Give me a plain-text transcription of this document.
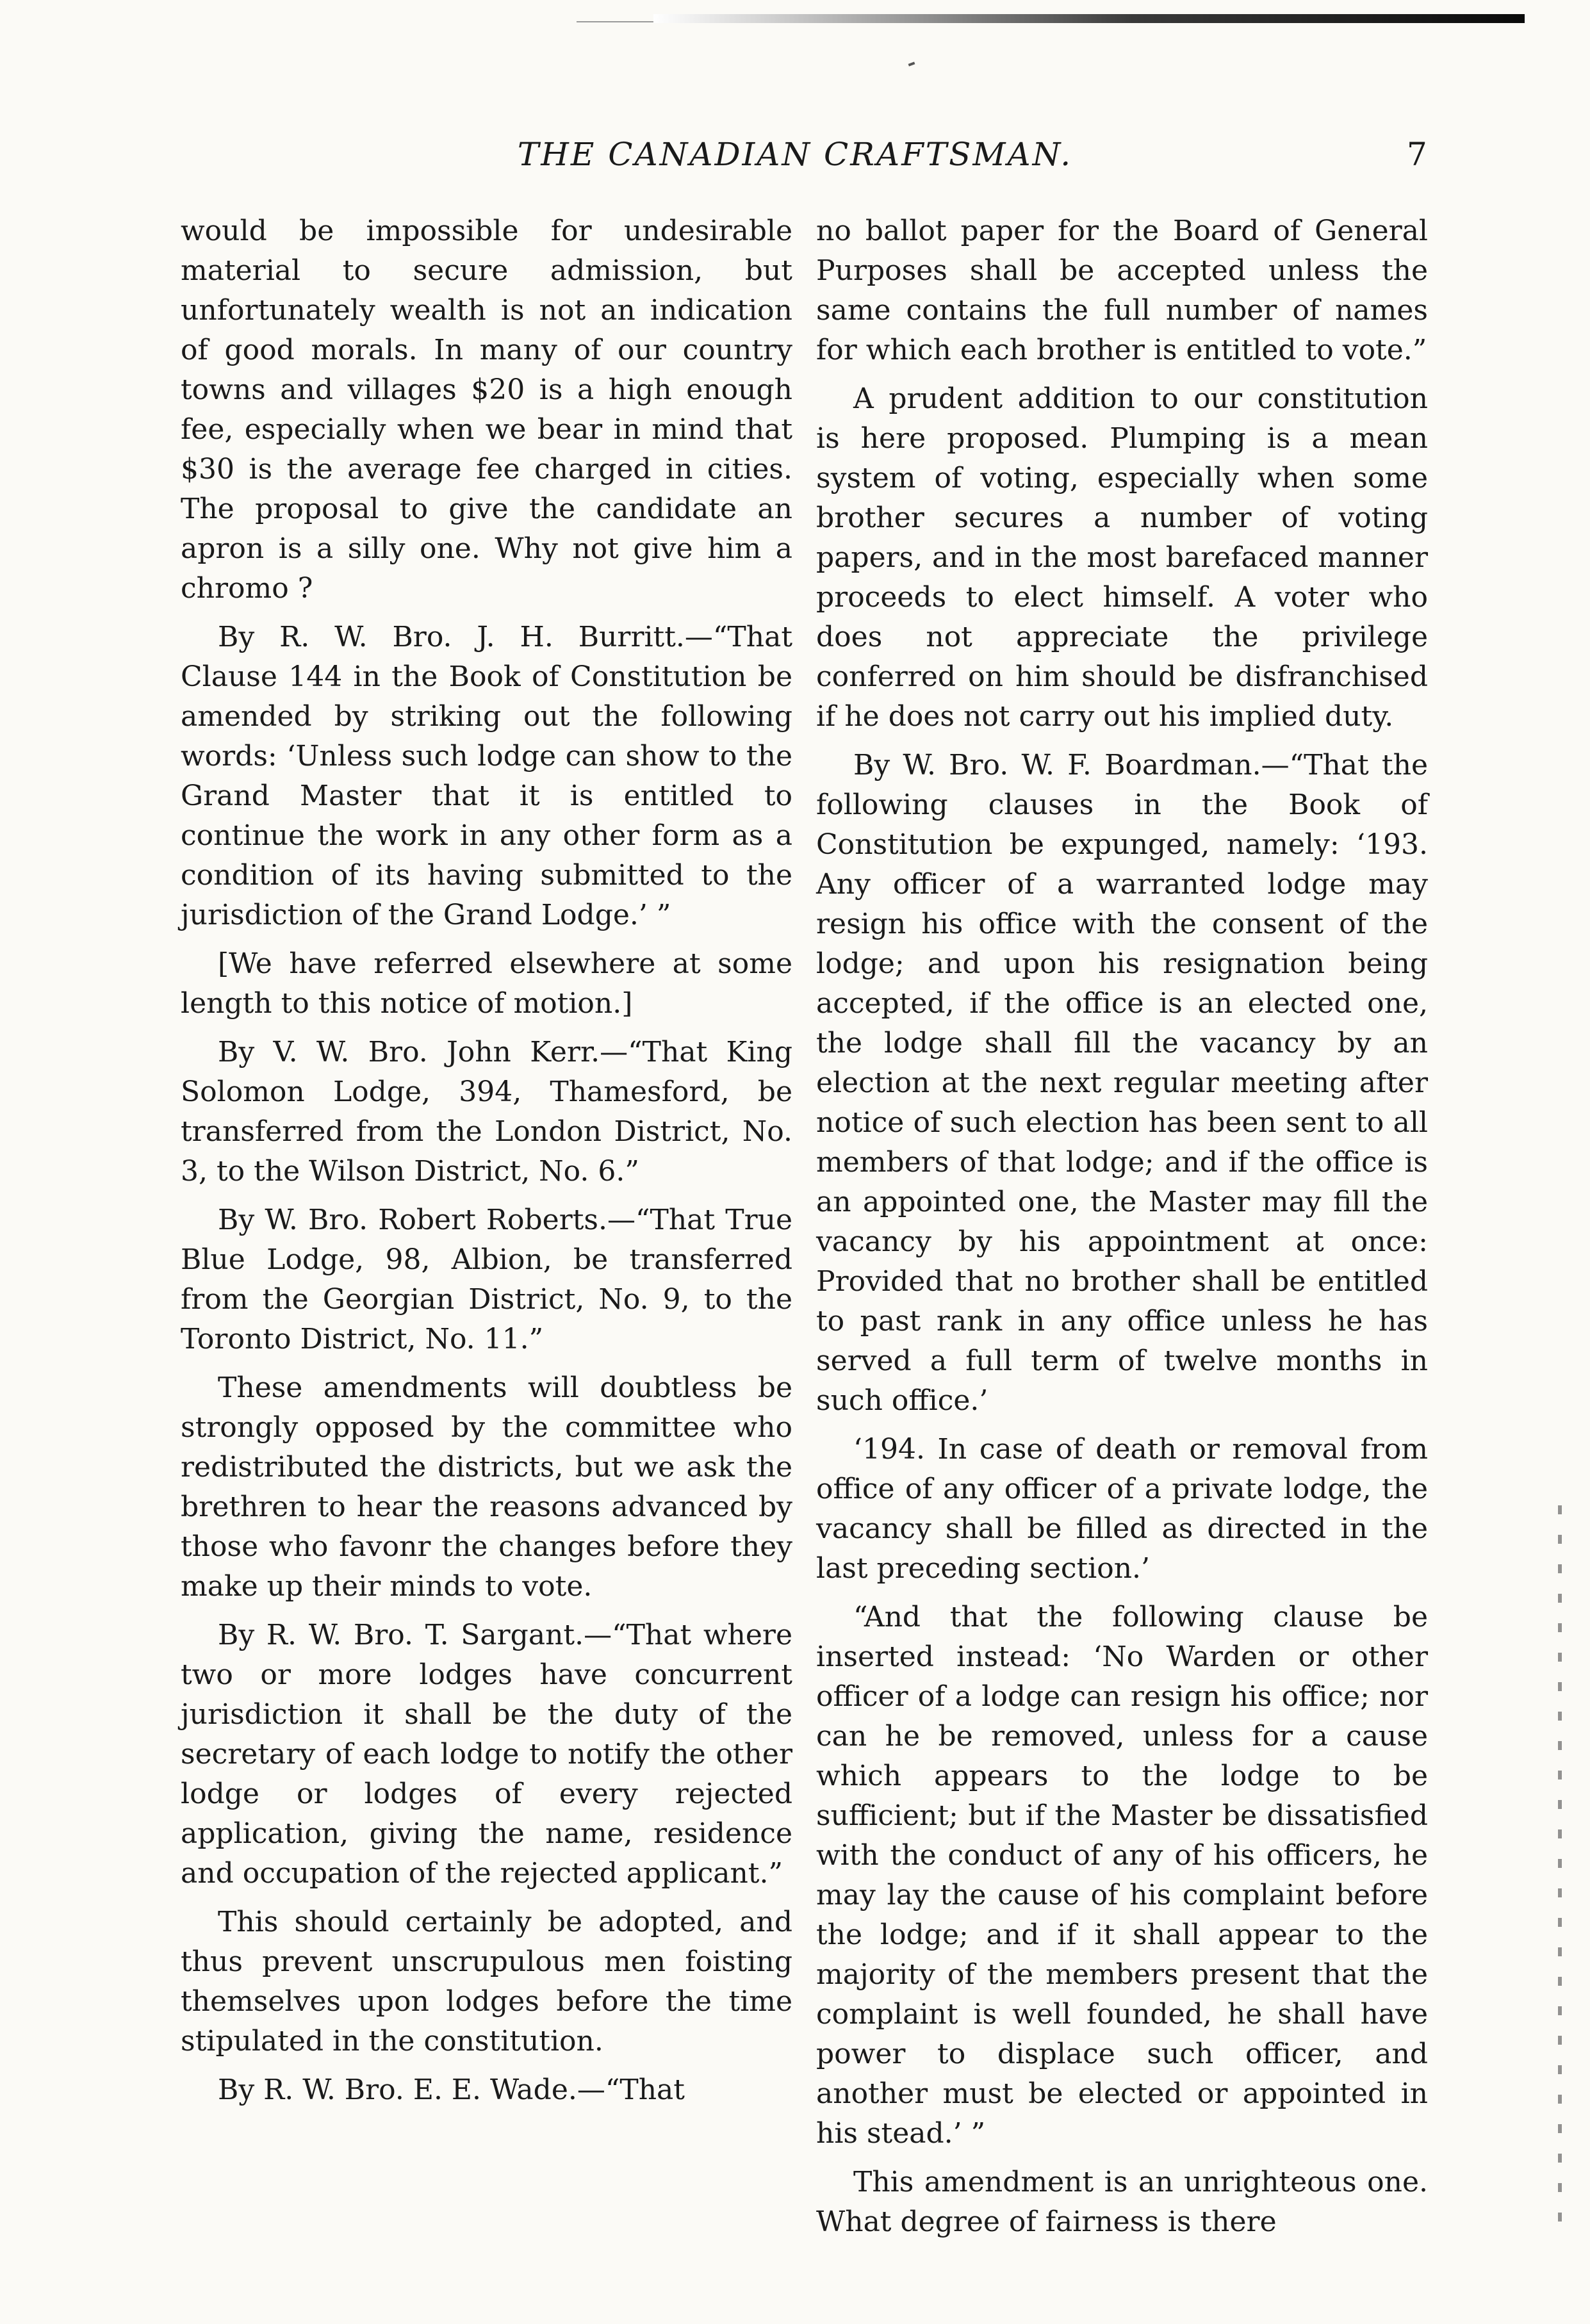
THE CANADIAN CRAFTSMAN.	7

would be impossible for undesirable material to secure admission, but unfortunately wealth is not an indication of good morals. In many of our country towns and villages $20 is a high enough fee, especially when we bear in mind that $30 is the average fee charged in cities. The proposal to give the candidate an apron is a silly one. Why not give him a chromo ?

By R. W. Bro. J. H. Burritt.—“That Clause 144 in the Book of Constitution be amended by striking out the following words: ‘Unless such lodge can show to the Grand Master that it is entitled to continue the work in any other form as a condition of its having submitted to the jurisdiction of the Grand Lodge.’ ”

[We have referred elsewhere at some length to this notice of motion.]

By V. W. Bro. John Kerr.—“That King Solomon Lodge, 394, Thamesford, be transferred from the London District, No. 3, to the Wilson District, No. 6.”

By W. Bro. Robert Roberts.—“That True Blue Lodge, 98, Albion, be transferred from the Georgian District, No. 9, to the Toronto District, No. 11.”

These amendments will doubtless be strongly opposed by the committee who redistributed the districts, but we ask the brethren to hear the reasons advanced by those who favonr the changes before they make up their minds to vote.

By R. W. Bro. T. Sargant.—“That where two or more lodges have concurrent jurisdiction it shall be the duty of the secretary of each lodge to notify the other lodge or lodges of every rejected application, giving the name, residence and occupation of the rejected applicant.”

This should certainly be adopted, and thus prevent unscrupulous men foisting themselves upon lodges before the time stipulated in the constitution.

By R. W. Bro. E. E. Wade.—“That

no ballot paper for the Board of General Purposes shall be accepted unless the same contains the full number of names for which each brother is entitled to vote.”

A prudent addition to our constitution is here proposed. Plumping is a mean system of voting, especially when some brother secures a number of voting papers, and in the most barefaced manner proceeds to elect himself. A voter who does not appreciate the privilege conferred on him should be disfranchised if he does not carry out his implied duty.

By W. Bro. W. F. Boardman.—“That the following clauses in the Book of Constitution be expunged, namely: ‘193. Any officer of a warranted lodge may resign his office with the consent of the lodge; and upon his resignation being accepted, if the office is an elected one, the lodge shall fill the vacancy by an election at the next regular meeting after notice of such election has been sent to all members of that lodge; and if the office is an appointed one, the Master may fill the vacancy by his appointment at once: Provided that no brother shall be entitled to past rank in any office unless he has served a full term of twelve months in such office.’

‘194. In case of death or removal from office of any officer of a private lodge, the vacancy shall be filled as directed in the last preceding section.’

“And that the following clause be inserted instead: ‘No Warden or other officer of a lodge can resign his office; nor can he be removed, unless for a cause which appears to the lodge to be sufficient; but if the Master be dissatisfied with the conduct of any of his officers, he may lay the cause of his complaint before the lodge; and if it shall appear to the majority of the members present that the complaint is well founded, he shall have power to displace such officer, and another must be elected or appointed in his stead.’ ”

This amendment is an unrighteous one. What degree of fairness is there
